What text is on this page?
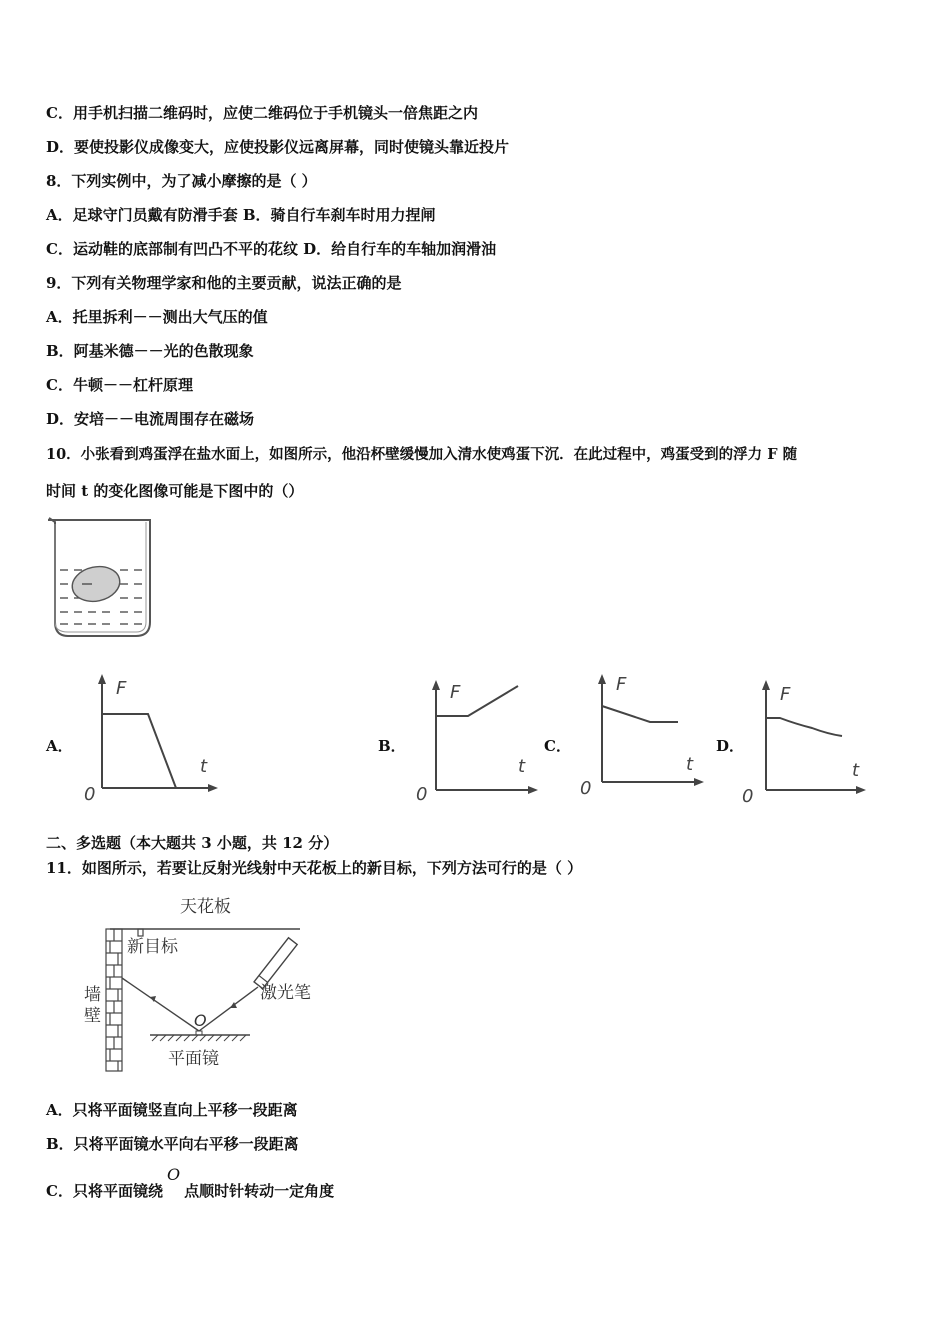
C．用手机扫描二维码时，应使二维码位于手机镜头一倍焦距之内
D．要使投影仪成像变大，应使投影仪远离屏幕，同时使镜头靠近投片
8．下列实例中，为了减小摩擦的是（ ）
A．足球守门员戴有防滑手套 B．骑自行车刹车时用力捏闸
C．运动鞋的底部制有凹凸不平的花纹 D．给自行车的车轴加润滑油
9．下列有关物理学家和他的主要贡献，说法正确的是
A．托里拆利－－测出大气压的值
B．阿基米德－－光的色散现象
C．牛顿－－杠杆原理
D．安培－－电流周围存在磁场
10．小张看到鸡蛋浮在盐水面上，如图所示，他沿杯壁缓慢加入清水使鸡蛋下沉．在此过程中，鸡蛋受到的浮力 F 随
时间 t 的变化图像可能是下图中的（）
A．	B．	C．	D．
F
t
0
F
t
0
F
t
0
F
t
0
二、多选题（本大题共 3 小题，共 12 分）
11．如图所示，若要让反射光线射中天花板上的新目标，下列方法可行的是（ ）
天花板
墙
壁
新目标
激光笔
O
平面镜
A．只将平面镜竖直向上平移一段距离
B．只将平面镜水平向右平移一段距离
C．只将平面镜绕O点顺时针转动一定角度
